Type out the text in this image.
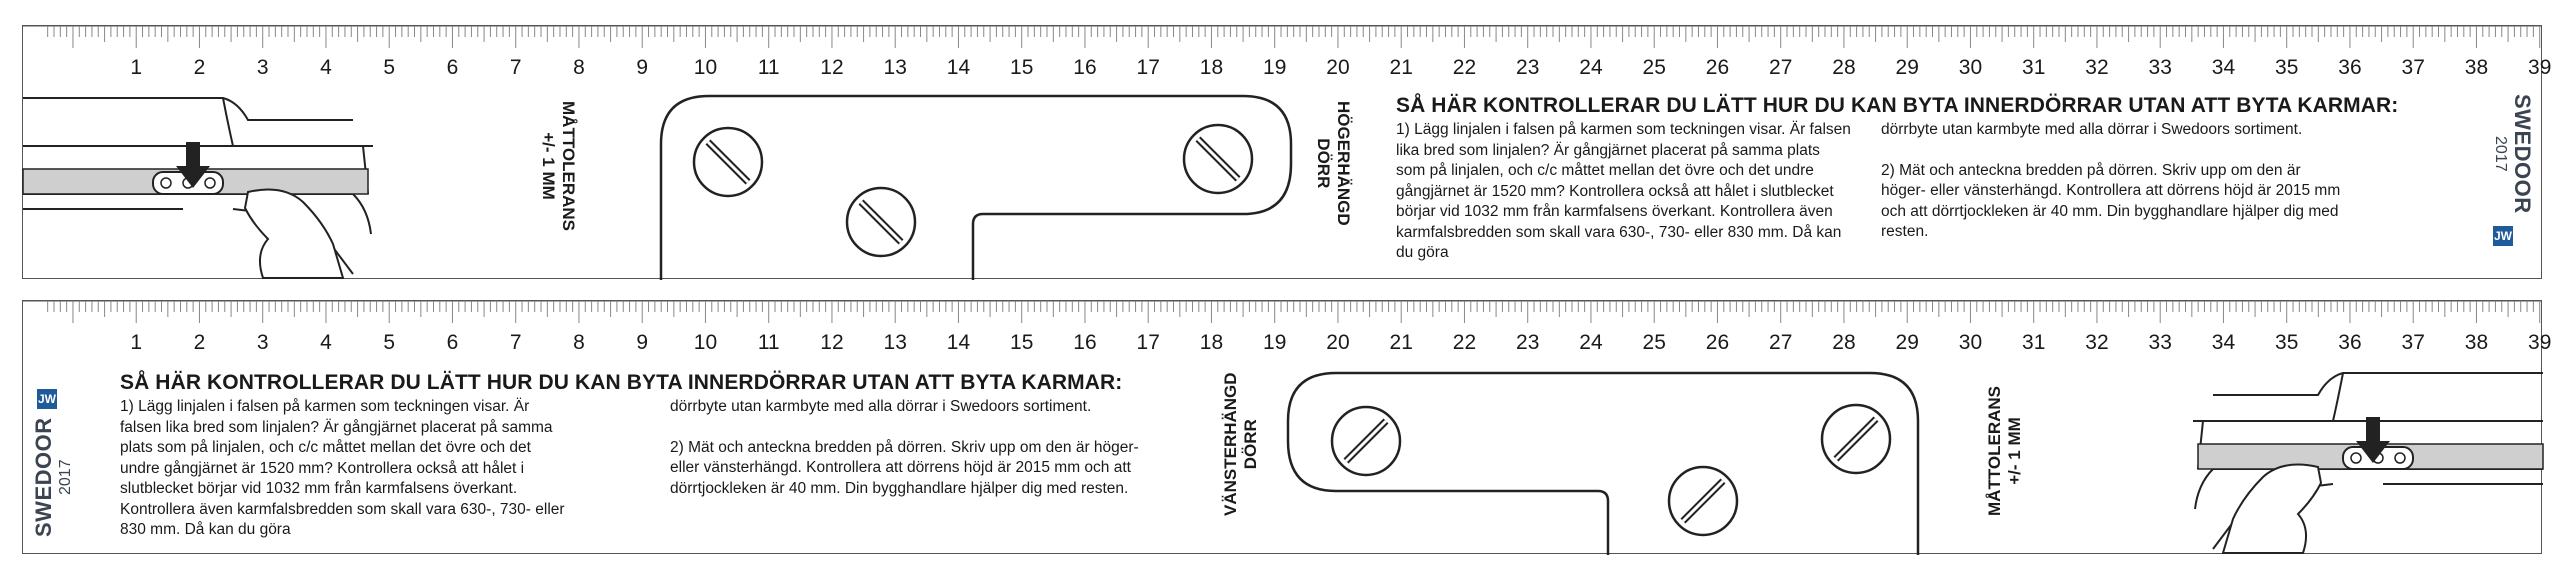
1 2 3 4 5 6 7 8 9 10 11 12 13 14 15 16 17 18 19 20 21 22 23 24 25 26 27 28 29 30 31 32 33 34 35 36 37 38 39
MÅTTOLERANS
+/- 1 MM	HÖGERHÄNGD
DÖRR
SÅ HÄR KONTROLLERAR DU LÄTT HUR DU KAN BYTA INNERDÖRRAR UTAN ATT BYTA KARMAR:

1) Lägg linjalen i falsen på karmen som teckningen visar. Är falsen lika bred som linjalen? Är gångjärnet placerat på samma plats som på linjalen, och c/c måttet mellan det övre och det undre gångjärnet är 1520 mm? Kontrollera också att hålet i slutblecket börjar vid 1032 mm från karmfalsens överkant. Kontrollera även karmfalsbredden som skall vara 630-, 730- eller 830 mm. Då kan du göra

dörrbyte utan karmbyte med alla dörrar i Swedoors sortiment.

2) Mät och anteckna bredden på dörren. Skriv upp om den är höger- eller vänsterhängd. Kontrollera att dörrens höjd är 2015 mm och att dörrtjockleken är 40 mm. Din bygghandlare hjälper dig med resten.

SWEDOOR
2017
JW
1 2 3 4 5 6 7 8 9 10 11 12 13 14 15 16 17 18 19 20 21 22 23 24 25 26 27 28 29 30 31 32 33 34 35 36 37 38 39
SWEDOOR 2017
JW
SÅ HÄR KONTROLLERAR DU LÄTT HUR DU KAN BYTA INNERDÖRRAR UTAN ATT BYTA KARMAR:

1) Lägg linjalen i falsen på karmen som teckningen visar. Är falsen lika bred som linjalen? Är gångjärnet placerat på samma plats som på linjalen, och c/c måttet mellan det övre och det undre gångjärnet är 1520 mm? Kontrollera också att hålet i slutblecket börjar vid 1032 mm från karmfalsens överkant. Kontrollera även karmfalsbredden som skall vara 630-, 730- eller 830 mm. Då kan du göra

dörrbyte utan karmbyte med alla dörrar i Swedoors sortiment.

2) Mät och anteckna bredden på dörren. Skriv upp om den är höger- eller vänsterhängd. Kontrollera att dörrens höjd är 2015 mm och att dörrtjockleken är 40 mm. Din bygghandlare hjälper dig med resten.	VÄNSTERHÄNGD DÖRR	MÅTTOLERANS +/- 1 MM
